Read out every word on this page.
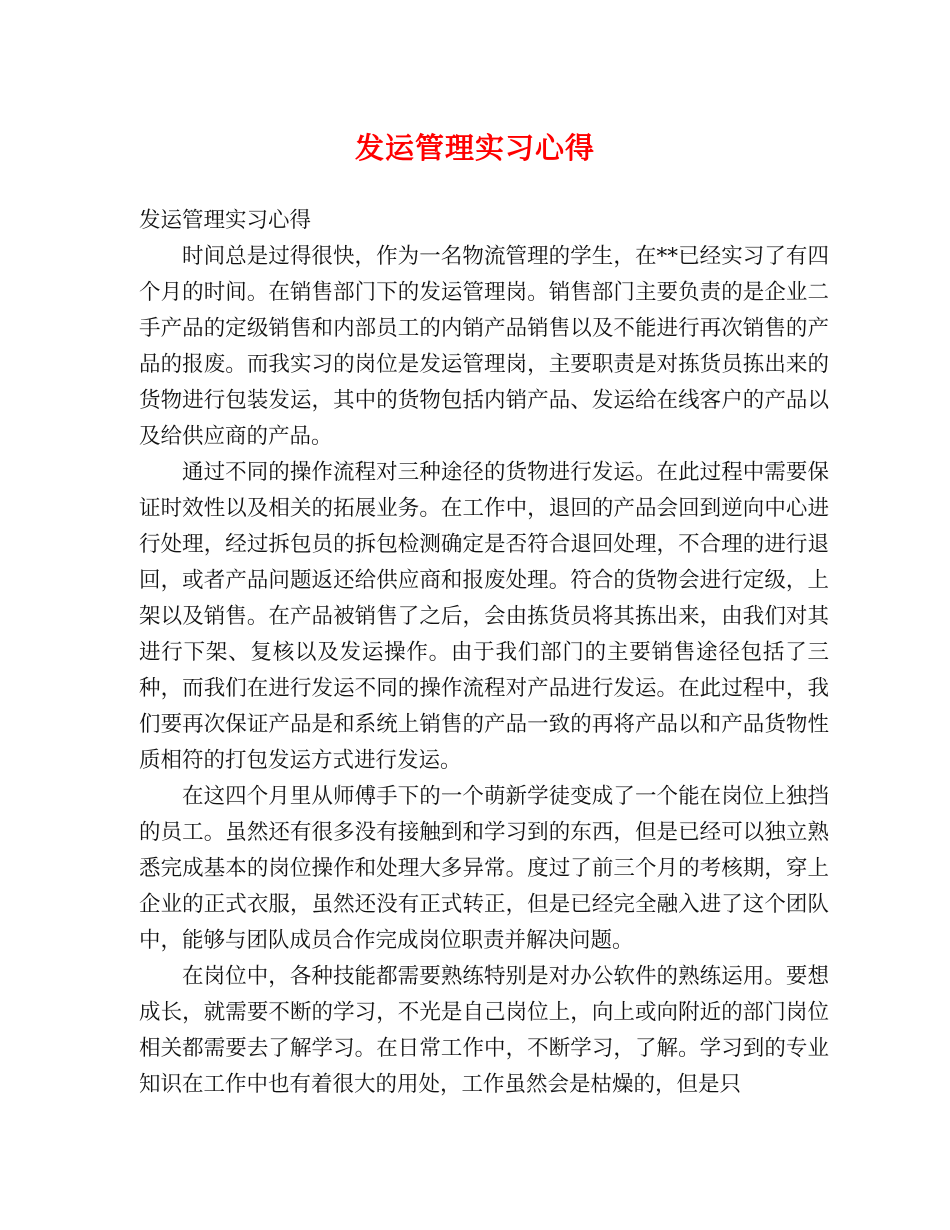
发运管理实习心得

发运管理实习心得

时间总是过得很快，作为一名物流管理的学生，在**已经实习了有四个月的时间。在销售部门下的发运管理岗。销售部门主要负责的是企业二手产品的定级销售和内部员工的内销产品销售以及不能进行再次销售的产品的报废。而我实习的岗位是发运管理岗，主要职责是对拣货员拣出来的货物进行包装发运，其中的货物包括内销产品、发运给在线客户的产品以及给供应商的产品。

通过不同的操作流程对三种途径的货物进行发运。在此过程中需要保证时效性以及相关的拓展业务。在工作中，退回的产品会回到逆向中心进行处理，经过拆包员的拆包检测确定是否符合退回处理，不合理的进行退回，或者产品问题返还给供应商和报废处理。符合的货物会进行定级，上架以及销售。在产品被销售了之后，会由拣货员将其拣出来，由我们对其进行下架、复核以及发运操作。由于我们部门的主要销售途径包括了三种，而我们在进行发运不同的操作流程对产品进行发运。在此过程中，我们要再次保证产品是和系统上销售的产品一致的再将产品以和产品货物性质相符的打包发运方式进行发运。

在这四个月里从师傅手下的一个萌新学徒变成了一个能在岗位上独挡的员工。虽然还有很多没有接触到和学习到的东西，但是已经可以独立熟悉完成基本的岗位操作和处理大多异常。度过了前三个月的考核期，穿上企业的正式衣服，虽然还没有正式转正，但是已经完全融入进了这个团队中，能够与团队成员合作完成岗位职责并解决问题。

在岗位中，各种技能都需要熟练特别是对办公软件的熟练运用。要想成长，就需要不断的学习，不光是自己岗位上，向上或向附近的部门岗位相关都需要去了解学习。在日常工作中，不断学习，了解。学习到的专业知识在工作中也有着很大的用处，工作虽然会是枯燥的，但是只
